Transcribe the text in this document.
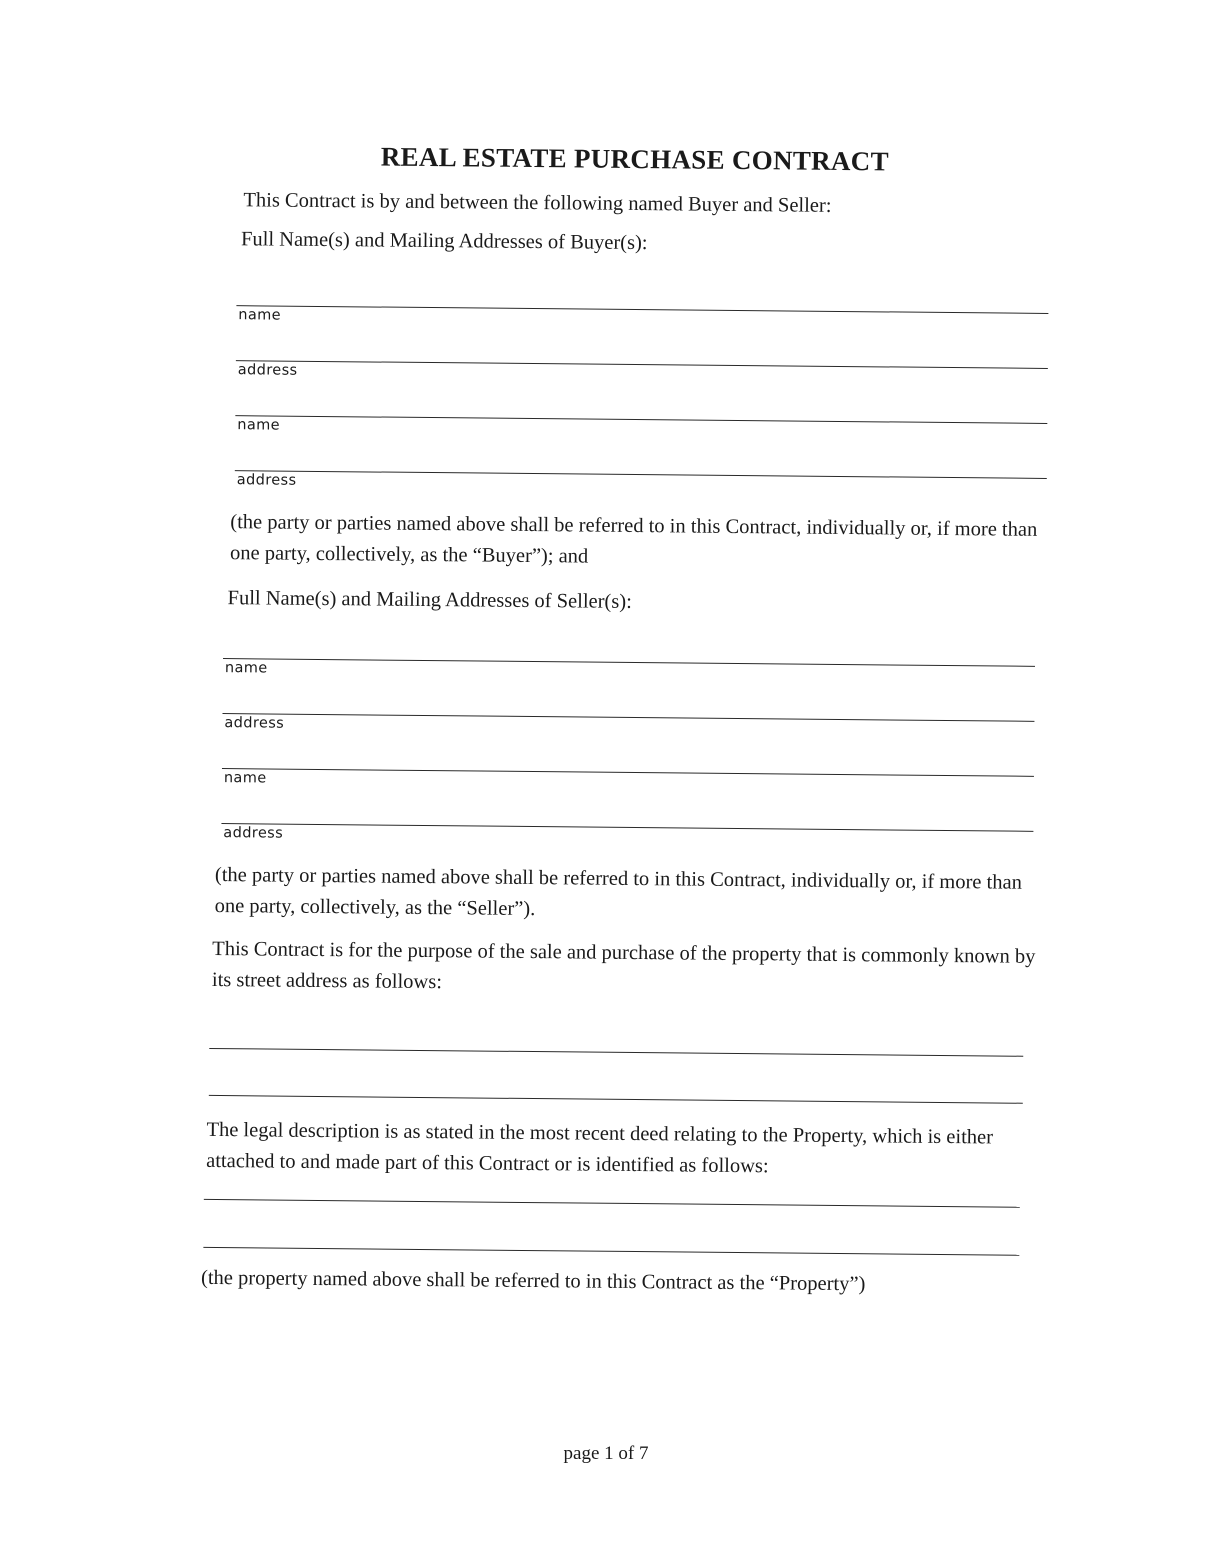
REAL ESTATE PURCHASE CONTRACT

This Contract is by and between the following named Buyer and Seller:

Full Name(s) and Mailing Addresses of Buyer(s):

name
address
name
address

(the party or parties named above shall be referred to in this Contract, individually or, if more than one party, collectively, as the “Buyer”); and

Full Name(s) and Mailing Addresses of Seller(s):

name
address
name
address

(the party or parties named above shall be referred to in this Contract, individually or, if more than one party, collectively, as the “Seller”).

This Contract is for the purpose of the sale and purchase of the property that is commonly known by its street address as follows:

The legal description is as stated in the most recent deed relating to the Property, which is either attached to and made part of this Contract or is identified as follows:

(the property named above shall be referred to in this Contract as the “Property”)

page 1 of 7
